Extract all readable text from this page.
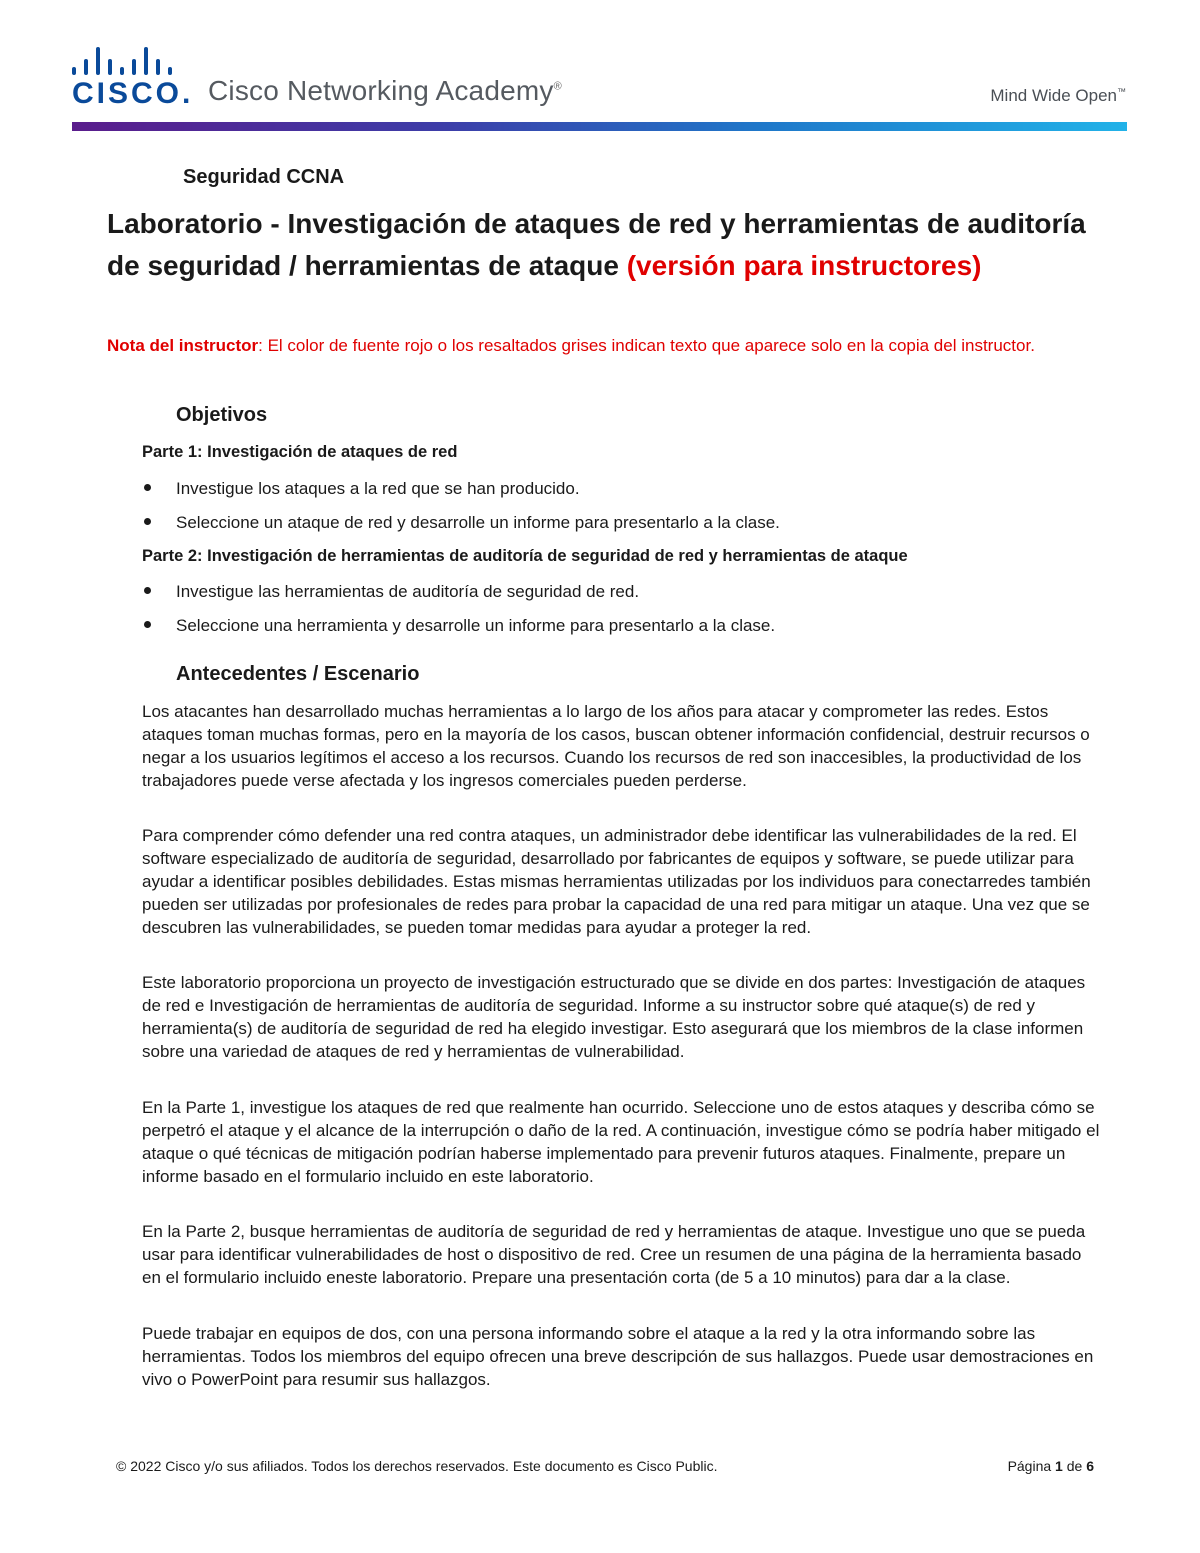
CISCO. Cisco Networking Academy®	Mind Wide Open™
Seguridad CCNA
Laboratorio - Investigación de ataques de red y herramientas de auditoría de seguridad / herramientas de ataque (versión para instructores)

Nota del instructor: El color de fuente rojo o los resaltados grises indican texto que aparece solo en la copia del instructor.

Objetivos
Parte 1: Investigación de ataques de red
Investigue los ataques a la red que se han producido.
Seleccione un ataque de red y desarrolle un informe para presentarlo a la clase.
Parte 2: Investigación de herramientas de auditoría de seguridad de red y herramientas de ataque
Investigue las herramientas de auditoría de seguridad de red.
Seleccione una herramienta y desarrolle un informe para presentarlo a la clase.
Antecedentes / Escenario

Los atacantes han desarrollado muchas herramientas a lo largo de los años para atacar y comprometer las redes. Estos ataques toman muchas formas, pero en la mayoría de los casos, buscan obtener información confidencial, destruir recursos o negar a los usuarios legítimos el acceso a los recursos. Cuando los recursos de red son inaccesibles, la productividad de los trabajadores puede verse afectada y los ingresos comerciales pueden perderse.

Para comprender cómo defender una red contra ataques, un administrador debe identificar las vulnerabilidades de la red. El software especializado de auditoría de seguridad, desarrollado por fabricantes de equipos y software, se puede utilizar para ayudar a identificar posibles debilidades. Estas mismas herramientas utilizadas por los individuos para conectarredes también pueden ser utilizadas por profesionales de redes para probar la capacidad de una red para mitigar un ataque. Una vez que se descubren las vulnerabilidades, se pueden tomar medidas para ayudar a proteger la red.

Este laboratorio proporciona un proyecto de investigación estructurado que se divide en dos partes: Investigación de ataques de red e Investigación de herramientas de auditoría de seguridad. Informe a su instructor sobre qué ataque(s) de red y herramienta(s) de auditoría de seguridad de red ha elegido investigar. Esto asegurará que los miembros de la clase informen sobre una variedad de ataques de red y herramientas de vulnerabilidad.

En la Parte 1, investigue los ataques de red que realmente han ocurrido. Seleccione uno de estos ataques y describa cómo se perpetró el ataque y el alcance de la interrupción o daño de la red. A continuación, investigue cómo se podría haber mitigado el ataque o qué técnicas de mitigación podrían haberse implementado para prevenir futuros ataques. Finalmente, prepare un informe basado en el formulario incluido en este laboratorio.

En la Parte 2, busque herramientas de auditoría de seguridad de red y herramientas de ataque. Investigue uno que se pueda usar para identificar vulnerabilidades de host o dispositivo de red. Cree un resumen de una página de la herramienta basado en el formulario incluido eneste laboratorio. Prepare una presentación corta (de 5 a 10 minutos) para dar a la clase.

Puede trabajar en equipos de dos, con una persona informando sobre el ataque a la red y la otra informando sobre las herramientas. Todos los miembros del equipo ofrecen una breve descripción de sus hallazgos. Puede usar demostraciones en vivo o PowerPoint para resumir sus hallazgos.

© 2022 Cisco y/o sus afiliados. Todos los derechos reservados. Este documento es Cisco Public.	Página 1 de 6
